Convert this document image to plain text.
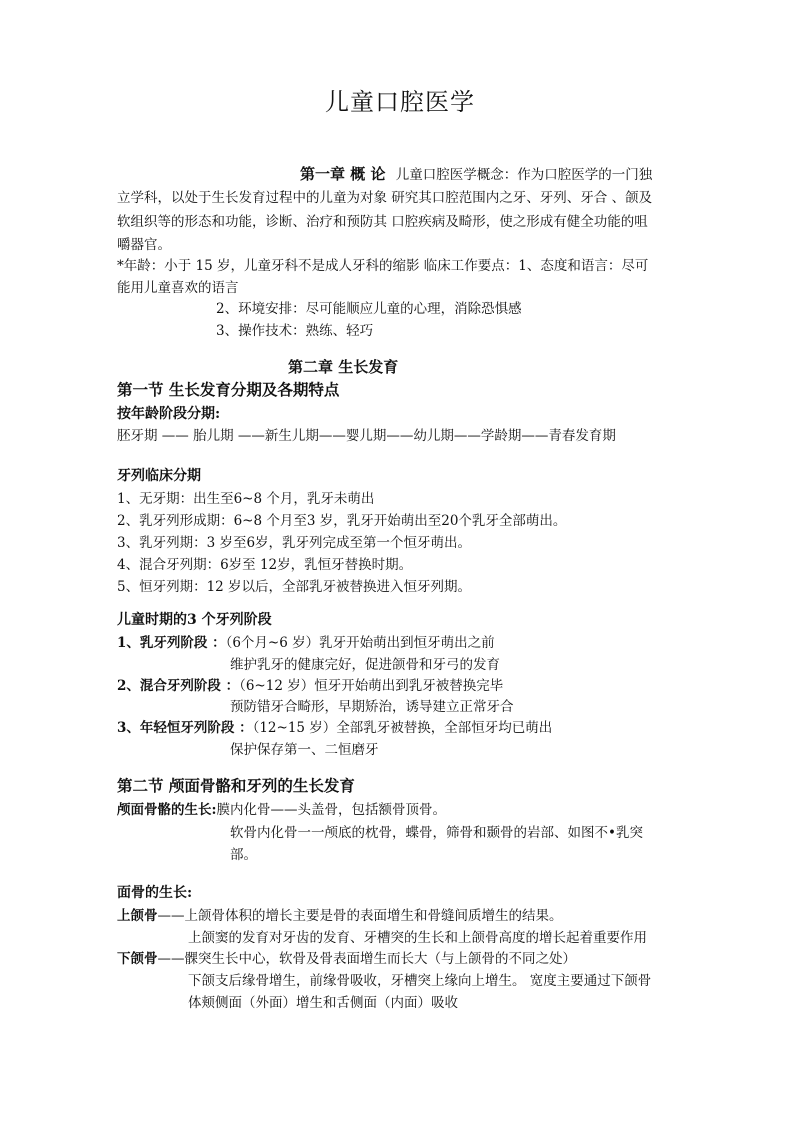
儿童口腔医学
第一章 概 论 儿童口腔医学概念：作为口腔医学的一门独
立学科，以处于生长发育过程中的儿童为对象 研究其口腔范围内之牙、牙列、牙合 、颌及
软组织等的形态和功能，诊断、治疗和预防其 口腔疾病及畸形，使之形成有健全功能的咀
嚼器官。
*年龄：小于 15 岁，儿童牙科不是成人牙科的缩影 临床工作要点：1、态度和语言：尽可
能用儿童喜欢的语言
2、环境安排：尽可能顺应儿童的心理，消除恐惧感
3、操作技术：熟练、轻巧
第二章 生长发育
第一节 生长发育分期及各期特点
按年龄阶段分期:
胚牙期 —— 胎儿期 ——新生儿期——婴儿期——幼儿期——学龄期——青春发育期
牙列临床分期
1、无牙期：出生至6~8 个月，乳牙未萌出
2、乳牙列形成期：6~8 个月至3 岁，乳牙开始萌出至20个乳牙全部萌出。
3、乳牙列期：3 岁至6岁，乳牙列完成至第一个恒牙萌出。
4、混合牙列期：6岁至 12岁，乳恒牙替换时期。
5、恒牙列期：12 岁以后，全部乳牙被替换进入恒牙列期。
儿童时期的3 个牙列阶段
1、乳牙列阶段 ：（6个月~6 岁）乳牙开始萌出到恒牙萌出之前
维护乳牙的健康完好，促进颌骨和牙弓的发育
2、混合牙列阶段 ：（6~12 岁）恒牙开始萌出到乳牙被替换完毕
预防错牙合畸形，早期矫治，诱导建立正常牙合
3、年轻恒牙列阶段 ：（12~15 岁）全部乳牙被替换，全部恒牙均已萌出
保护保存第一、二恒磨牙
第二节 颅面骨骼和牙列的生长发育
颅面骨骼的生长:膜内化骨——头盖骨，包括额骨顶骨。
软骨内化骨一一颅底的枕骨，蝶骨，筛骨和颞骨的岩部、如图不•乳突
部。
面骨的生长:
上颌骨——上颌骨体积的增长主要是骨的表面增生和骨缝间质增生的结果。
上颌窦的发育对牙齿的发育、牙槽突的生长和上颌骨高度的增长起着重要作用
下颌骨——髁突生长中心，软骨及骨表面增生而长大（与上颌骨的不同之处）
下颌支后缘骨增生，前缘骨吸收，牙槽突上缘向上增生。 宽度主要通过下颌骨
体颊侧面（外面）增生和舌侧面（内面）吸收
